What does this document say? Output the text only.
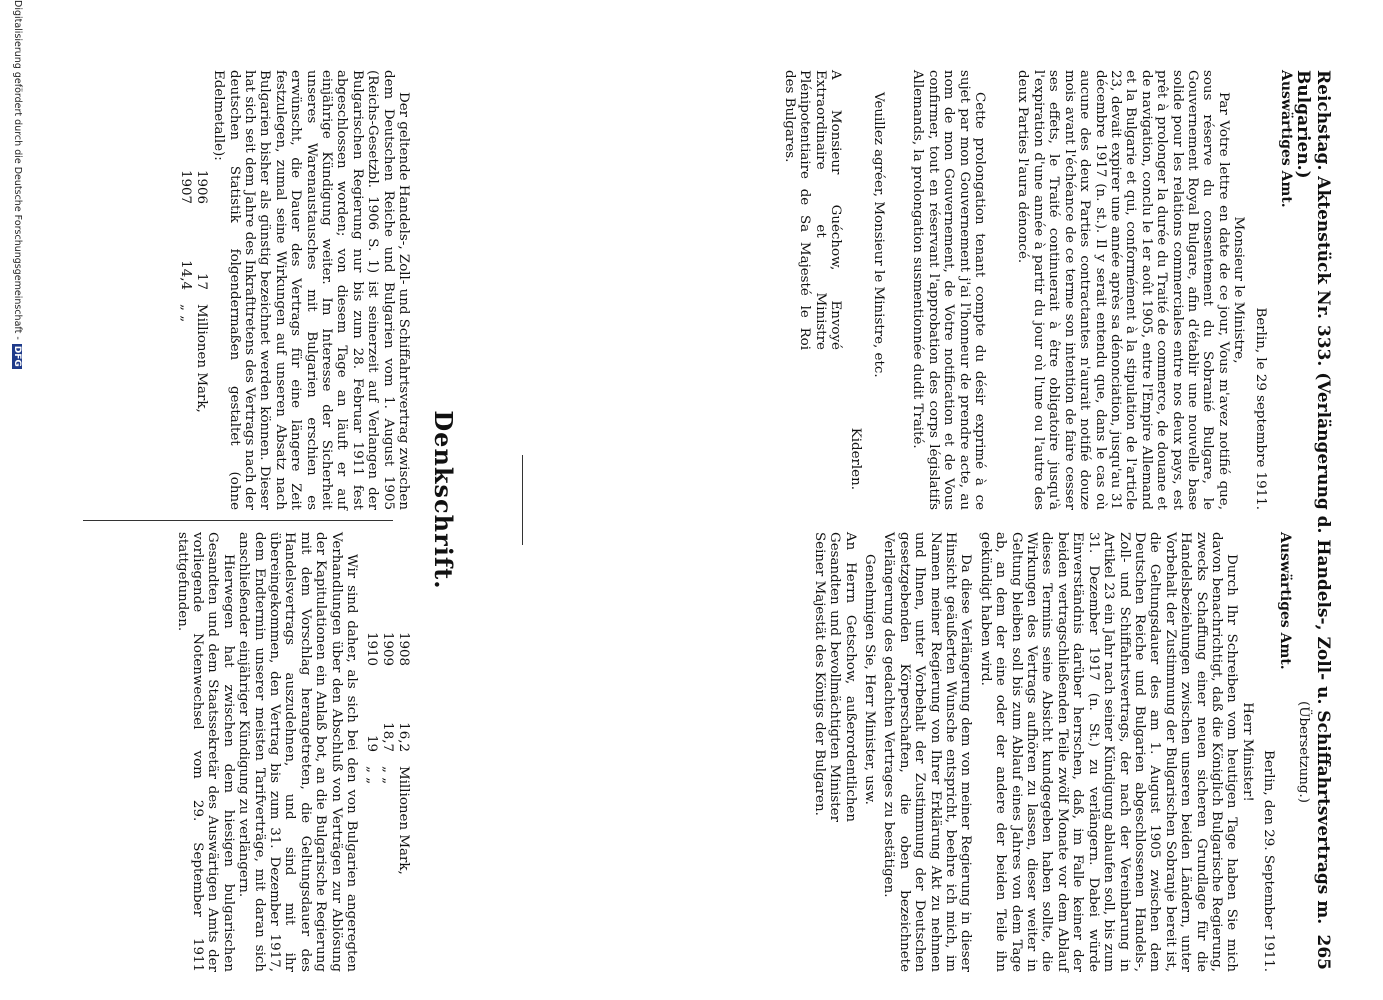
Reichstag. Aktenstück Nr. 333. (Verlängerung d. Handels-, Zoll- u. Schiffahrtsvertrags m. Bulgarien.)
265
Auswärtiges Amt.
Berlin, le 29 septembre 1911.
Monsieur le Ministre,

Par Votre lettre en date de ce jour, Vous m'avez notifié que, sous réserve du consentement du Sobranié Bulgare, le Gouvernement Royal Bulgare, afin d'établir une nouvelle base solide pour les relations commerciales entre nos deux pays, est prêt à prolonger la durée du Traité de commerce, de douane et de navigation, conclu le 1er août 1905, entre l'Empire Allemand et la Bulgarie et qui, conformément à la stipulation de l'article 23, devait expirer une année après sa dénonciation, jusqu'au 31 décembre 1917 (n. st.). Il y serait entendu que, dans le cas où aucune des deux Parties contractantes n'aurait notifié douze mois avant l'échéance de ce terme son intention de faire cesser ses effets, le Traité continuerait à être obligatoire jusqu'à l'expiration d'une année à partir du jour où l'une ou l'autre des deux Parties l'aura dénoncé.

Cette prolongation tenant compte du désir exprimé à ce sujet par mon Gouvernement j'ai l'honneur de prendre acte, au nom de mon Gouvernement, de Votre notification et de Vous confirmer, tout en réservant l'approbation des corps législatifs Allemands, la prolongation susmentionnée dudit Traité.

Veuillez agréer, Monsieur le Ministre, etc.

Kiderlen.

A Monsieur Guéchow, Envoyé Extraordinaire et Ministre Plénipotentiaire de Sa Majesté le Roi des Bulgares.

(Übersetzung.)
Auswärtiges Amt.
Berlin, den 29. September 1911.
Herr Minister!

Durch Ihr Schreiben vom heutigen Tage haben Sie mich davon benachrichtigt, daß die Königlich Bulgarische Regierung, zwecks Schaffung einer neuen sicheren Grundlage für die Handelsbeziehungen zwischen unseren beiden Ländern, unter Vorbehalt der Zustimmung der Bulgarischen Sobranje bereit ist, die Geltungsdauer des am 1. August 1905 zwischen dem Deutschen Reiche und Bulgarien abgeschlossenen Handels-, Zoll- und Schiffahrtsvertrags, der nach der Vereinbarung in Artikel 23 ein Jahr nach seiner Kündigung ablaufen soll, bis zum 31. Dezember 1917 (n. St.) zu verlängern. Dabei würde Einverständnis darüber herrschen, daß, im Falle keiner der beiden vertragschließenden Teile zwölf Monate vor dem Ablauf dieses Termins seine Absicht kundgegeben haben sollte, die Wirkungen des Vertrags aufhören zu lassen, dieser weiter in Geltung bleiben soll bis zum Ablauf eines Jahres von dem Tage ab, an dem der eine oder der andere der beiden Teile ihn gekündigt haben wird.

Da diese Verlängerung dem von meiner Regierung in dieser Hinsicht geäußerten Wunsche entspricht, beehre ich mich, im Namen meiner Regierung von Ihrer Erklärung Akt zu nehmen und Ihnen, unter Vorbehalt der Zustimmung der Deutschen gesetzgebenden Körperschaften, die oben bezeichnete Verlängerung des gedachten Vertrages zu bestätigen.

Genehmigen Sie, Herr Minister, usw.

An Herrn Getschow, außerordentlichen Gesandten und bevollmächtigten Minister Seiner Majestät des Königs der Bulgaren.

Denkschrift.

Der geltende Handels-, Zoll- und Schiffahrtsvertrag zwischen dem Deutschen Reiche und Bulgarien vom 1. August 1905 (Reichs-Gesetzbl. 1906 S. 1) ist seinerzeit auf Verlangen der Bulgarischen Regierung nur bis zum 28. Februar 1911 fest abgeschlossen worden; von diesem Tage an läuft er auf einjährige Kündigung weiter. Im Interesse der Sicherheit unseres Warenaustausches mit Bulgarien erschien es erwünscht, die Dauer des Vertrags für eine längere Zeit festzulegen, zumal seine Wirkungen auf unseren Absatz nach Bulgarien bisher als günstig bezeichnet werden können. Dieser hat sich seit dem Jahre des Inkrafttretens des Vertrags nach der deutschen Statistik folgendermaßen gestaltet (ohne Edelmetalle):

190617Millionen Mark,
190714,4„ „
190816,2Millionen Mark,
190918,7„ „
191019„ „

Wir sind daher, als sich bei den von Bulgarien angeregten Verhandlungen über den Abschluß von Verträgen zur Ablösung der Kapitulationen ein Anlaß bot, an die Bulgarische Regierung mit dem Vorschlag herangetreten, die Geltungsdauer des Handelsvertrags auszudehnen, und sind mit ihr übereingekommen, den Vertrag bis zum 31. Dezember 1917, dem Endtermin unserer meisten Tarifverträge, mit daran sich anschließender einjähriger Kündigung zu verlängern.

Hierwegen hat zwischen dem hiesigen bulgarischen Gesandten und dem Staatssekretär des Auswärtigen Amts der vorliegende Notenwechsel vom 29. September 1911 stattgefunden.

Digitalisierung gefördert durch die Deutsche Forschungsgemeinschaft -DFG
